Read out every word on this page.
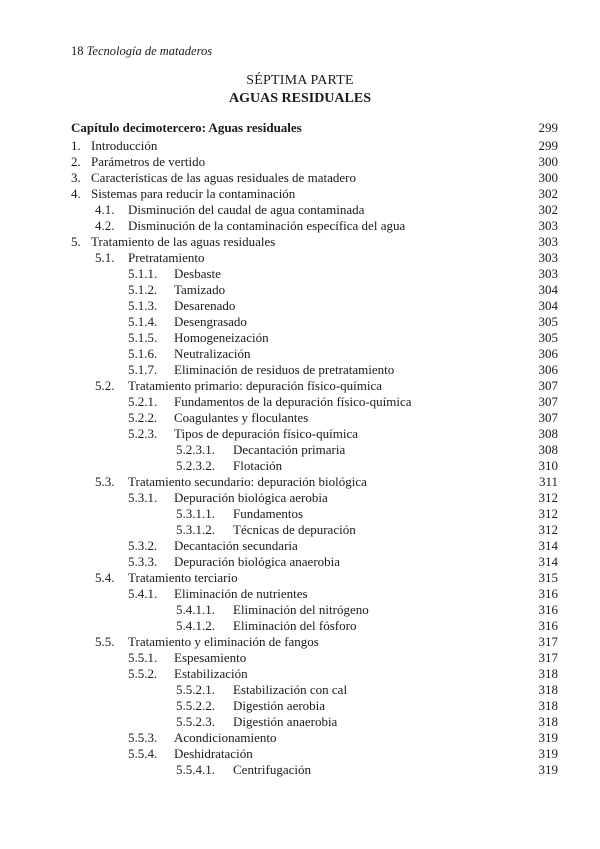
18 Tecnología de mataderos
SÉPTIMA PARTE
AGUAS RESIDUALES
Capítulo decimotercero: Aguas residuales	299
1. Introducción	299
2. Parámetros de vertido	300
3. Características de las aguas residuales de matadero	300
4. Sistemas para reducir la contaminación	302
4.1.	Disminución del caudal de agua contaminada	302
4.2.	Disminución de la contaminación específica del agua	303
5. Tratamiento de las aguas residuales	303
5.1.	Pretratamiento	303
5.1.1.	Desbaste	303
5.1.2.	Tamizado	304
5.1.3.	Desarenado	304
5.1.4.	Desengrasado	305
5.1.5.	Homogeneización	305
5.1.6.	Neutralización	306
5.1.7.	Eliminación de residuos de pretratamiento	306
5.2.	Tratamiento primario: depuración físico-química	307
5.2.1.	Fundamentos de la depuración físico-química	307
5.2.2.	Coagulantes y floculantes	307
5.2.3.	Tipos de depuración físico-química	308
5.2.3.1.	Decantación primaria	308
5.2.3.2.	Flotación	310
5.3.	Tratamiento secundario: depuración biológica	311
5.3.1.	Depuración biológica aerobia	312
5.3.1.1.	Fundamentos	312
5.3.1.2.	Técnicas de depuración	312
5.3.2.	Decantación secundaria	314
5.3.3.	Depuración biológica anaerobia	314
5.4.	Tratamiento terciario	315
5.4.1.	Eliminación de nutrientes	316
5.4.1.1.	Eliminación del nitrógeno	316
5.4.1.2.	Eliminación del fósforo	316
5.5.	Tratamiento y eliminación de fangos	317
5.5.1.	Espesamiento	317
5.5.2.	Estabilización	318
5.5.2.1.	Estabilización con cal	318
5.5.2.2.	Digestión aerobia	318
5.5.2.3.	Digestión anaerobia	318
5.5.3.	Acondicionamiento	319
5.5.4.	Deshidratación	319
5.5.4.1.	Centrifugación	319
